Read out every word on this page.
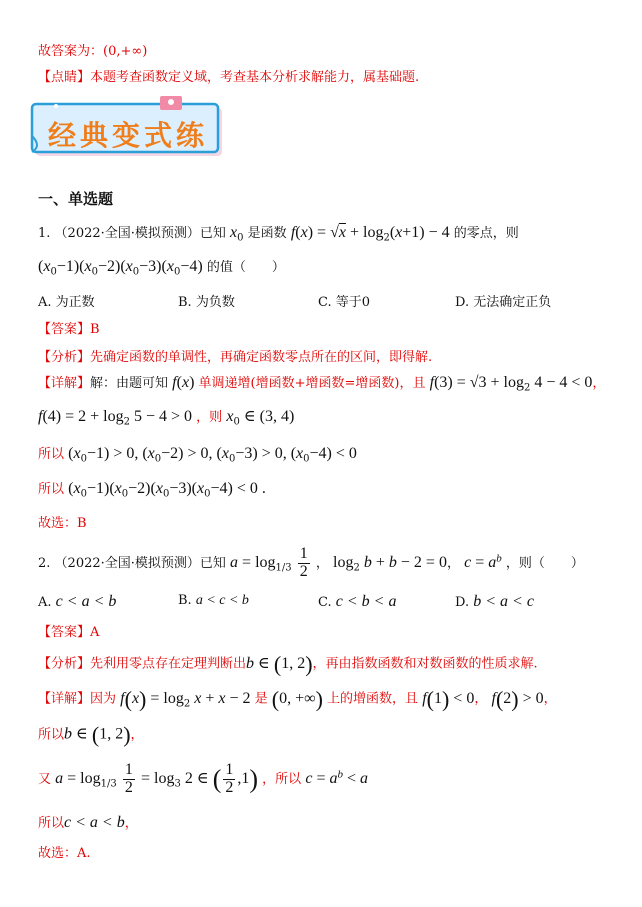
故答案为：(0,+∞)
【点睛】本题考查函数定义域，考查基本分析求解能力，属基础题.
经典变式练
一、单选题
1. （2022·全国·模拟预测）已知 $x_0$ 是函数 $f(x) = √x + \log_2(x+1) - 4$ 的零点，则
$(x_0-1)(x_0-2)(x_0-3)(x_0-4)$ 的值（　　）
A. 为正数	B. 为负数	C. 等于0	D. 无法确定正负
【答案】B
【分析】先确定函数的单调性，再确定函数零点所在的区间，即得解.
【详解】解：由题可知 f(x) 单调递增(增函数+增函数=增函数)，且 $f(3) = √3 + \log_2 4 - 4 < 0$，
$f(4) = 2 + \log_2 5 - 4 > 0$ ，则 $x_0$ ∈ (3, 4)
所以 $(x_0-1) > 0$, $(x_0-2) > 0$, $(x_0-3) > 0$, $(x_0-4) < 0$
所以 $(x_0-1)(x_0-2)(x_0-3)(x_0-4) < 0$ .
故选：B
2. （2022·全国·模拟预测）已知 $a = \log_{1/3} \frac{1}{2}$ ， $\log_2 b + b - 2 = 0$， $c = a^b$ ，则（　　）
A. c < a < b	B. a < c < b	C. c < b < a	D. b < a < c
【答案】A
【分析】先利用零点存在定理判断出b ∈ (1, 2)，再由指数函数和对数函数的性质求解.
【详解】因为 $f(x) = \log_2 x + x - 2$ 是 (0, +∞) 上的增函数，且 f(1) < 0， f(2) > 0，
所以b ∈ (1, 2)，
又 $a = \log_{1/3} \frac{1}{2} = \log_3 2$ ∈ ( $\frac{1}{2} ,1$) ，所以 $c = a^b < a$
所以c < a < b，
故选：A.
